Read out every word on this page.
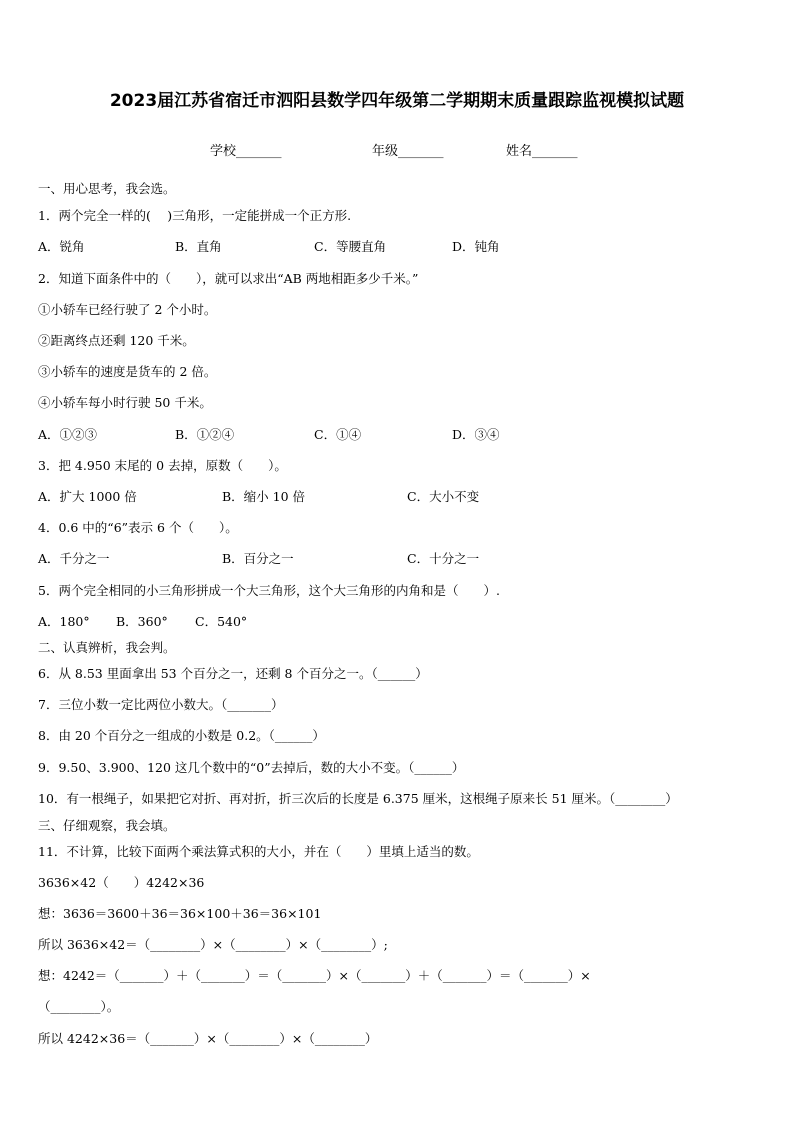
2023届江苏省宿迁市泗阳县数学四年级第二学期期末质量跟踪监视模拟试题
学校_______	年级_______	姓名_______
一、用心思考，我会选。
1．两个完全一样的(　 )三角形，一定能拼成一个正方形.
A．锐角	B．直角	C．等腰直角	D．钝角
2．知道下面条件中的（　　），就可以求出“AB 两地相距多少千米。”
①小轿车已经行驶了 2 个小时。
②距离终点还剩 120 千米。
③小轿车的速度是货车的 2 倍。
④小轿车每小时行驶 50 千米。
A．①②③	B．①②④	C．①④	D．③④
3．把 4.950 末尾的 0 去掉，原数（　　）。
A．扩大 1000 倍	B．缩小 10 倍	C．大小不变
4．0.6 中的“6”表示 6 个（　　）。
A．千分之一	B．百分之一	C．十分之一
5．两个完全相同的小三角形拼成一个大三角形，这个大三角形的内角和是（　　）.
A．180° B．360° C．540°
二、认真辨析，我会判。
6．从 8.53 里面拿出 53 个百分之一，还剩 8 个百分之一。（______）
7．三位小数一定比两位小数大。（_______）
8．由 20 个百分之一组成的小数是 0.2。（______）
9．9.50、3.900、120 这几个数中的“0”去掉后，数的大小不变。（______）
10．有一根绳子，如果把它对折、再对折，折三次后的长度是 6.375 厘米，这根绳子原来长 51 厘米。（________）
三、仔细观察，我会填。
11．不计算，比较下面两个乘法算式积的大小，并在（　　）里填上适当的数。
3636×42（　　）4242×36
想：3636＝3600＋36＝36×100＋36＝36×101
所以 3636×42＝（________）×（________）×（________）;
想：4242＝（_______）＋（_______）＝（_______）×（_______）＋（_______）＝（_______）×
（________）。
所以 4242×36＝（_______）×（________）×（________）
